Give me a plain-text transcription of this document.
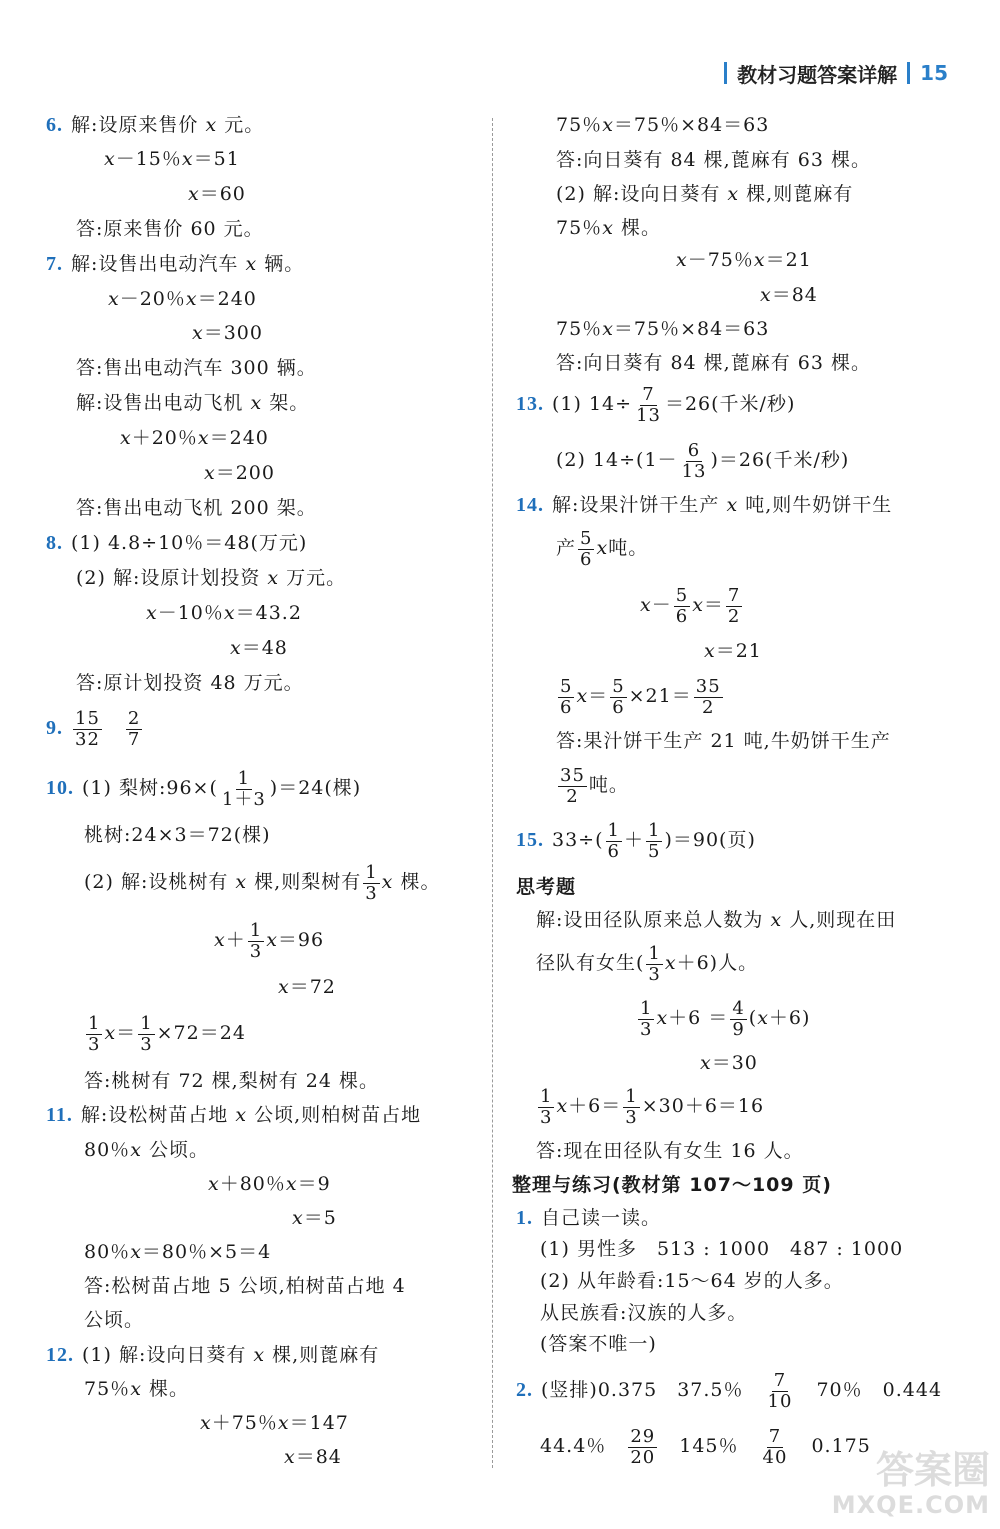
教材习题答案详解 15
6. 解:设原来售价 x 元。
x－15％x＝51
x＝60
答:原来售价 60 元。
7. 解:设售出电动汽车 x 辆。
x－20％x＝240
x＝300
答:售出电动汽车 300 辆。
解:设售出电动飞机 x 架。
x＋20％x＝240
x＝200
答:售出电动飞机 200 架。
8. (1) 4.8÷10％＝48(万元)
(2) 解:设原计划投资 x 万元。
x－10％x＝43.2
x＝48
答:原计划投资 48 万元。
9. $\frac{15}{32}$
　 $\frac{2}{7}$
10. (1) 梨树:96×( $\frac{1}{1+3} )=24$(棵)
桃树:24×3＝72(棵)
(2) 解:设桃树有 x 棵,则梨树有 $\frac{1}{3}$ x 棵。
$x+ \frac{1}{3} x=96$
x＝72
$\frac{1}{3} x= \frac{1}{3} \times 72=24$
答:桃树有 72 棵,梨树有 24 棵。
11. 解:设松树苗占地 x 公顷,则柏树苗占地
80％x 公顷。
x＋80％x＝9
x＝5
80％x＝80％×5＝4
答:松树苗占地 5 公顷,柏树苗占地 4
公顷。
12. (1) 解:设向日葵有 x 棵,则蓖麻有
75％x 棵。
x＋75％x＝147
x＝84
75％x＝75％×84＝63
答:向日葵有 84 棵,蓖麻有 63 棵。
(2) 解:设向日葵有 x 棵,则蓖麻有
75％x 棵。
x－75％x＝21
x＝84
75％x＝75％×84＝63
答:向日葵有 84 棵,蓖麻有 63 棵。
13. (1) $14\div \frac{7}{13} =26$(千米/秒)
(2) $14\div(1- \frac{6}{13} )=26$(千米/秒)
14. 解:设果汁饼干生产 x 吨,则牛奶饼干生
产 $\frac{5}{6}$ x吨。
$x- \frac{5}{6} x= \frac{7}{2}$
x＝21
$\frac{5}{6} x= \frac{5}{6} \times 21= \frac{35}{2}$
答:果汁饼干生产 21 吨,牛奶饼干生产
$\frac{35}{2}$ 吨。
15. $33\div( \frac{1}{6} + \frac{1}{5} )=90$(页)
思考题
解:设田径队原来总人数为 x 人,则现在田
径队有女生( $\frac{1}{3} x+6$)人。
$\frac{1}{3} x+6 = \frac{4}{9} (x+6)$
x＝30
$\frac{1}{3} x+6= \frac{1}{3} \times 30+6=16$
答:现在田径队有女生 16 人。
整理与练习(教材第 107～109 页)
1. 自己读一读。
(1) 男性多　513 : 1000　487 : 1000
(2) 从年龄看:15～64 岁的人多。
从民族看:汉族的人多。
(答案不唯一)
2. (竖排)0.375　37.5％　 $\frac{7}{10}$
　 70％　0.444
44.4％　 $\frac{29}{20}$
　 145％　 $\frac{7}{40}$
　 0.175
答案圈
MXQE.COM
